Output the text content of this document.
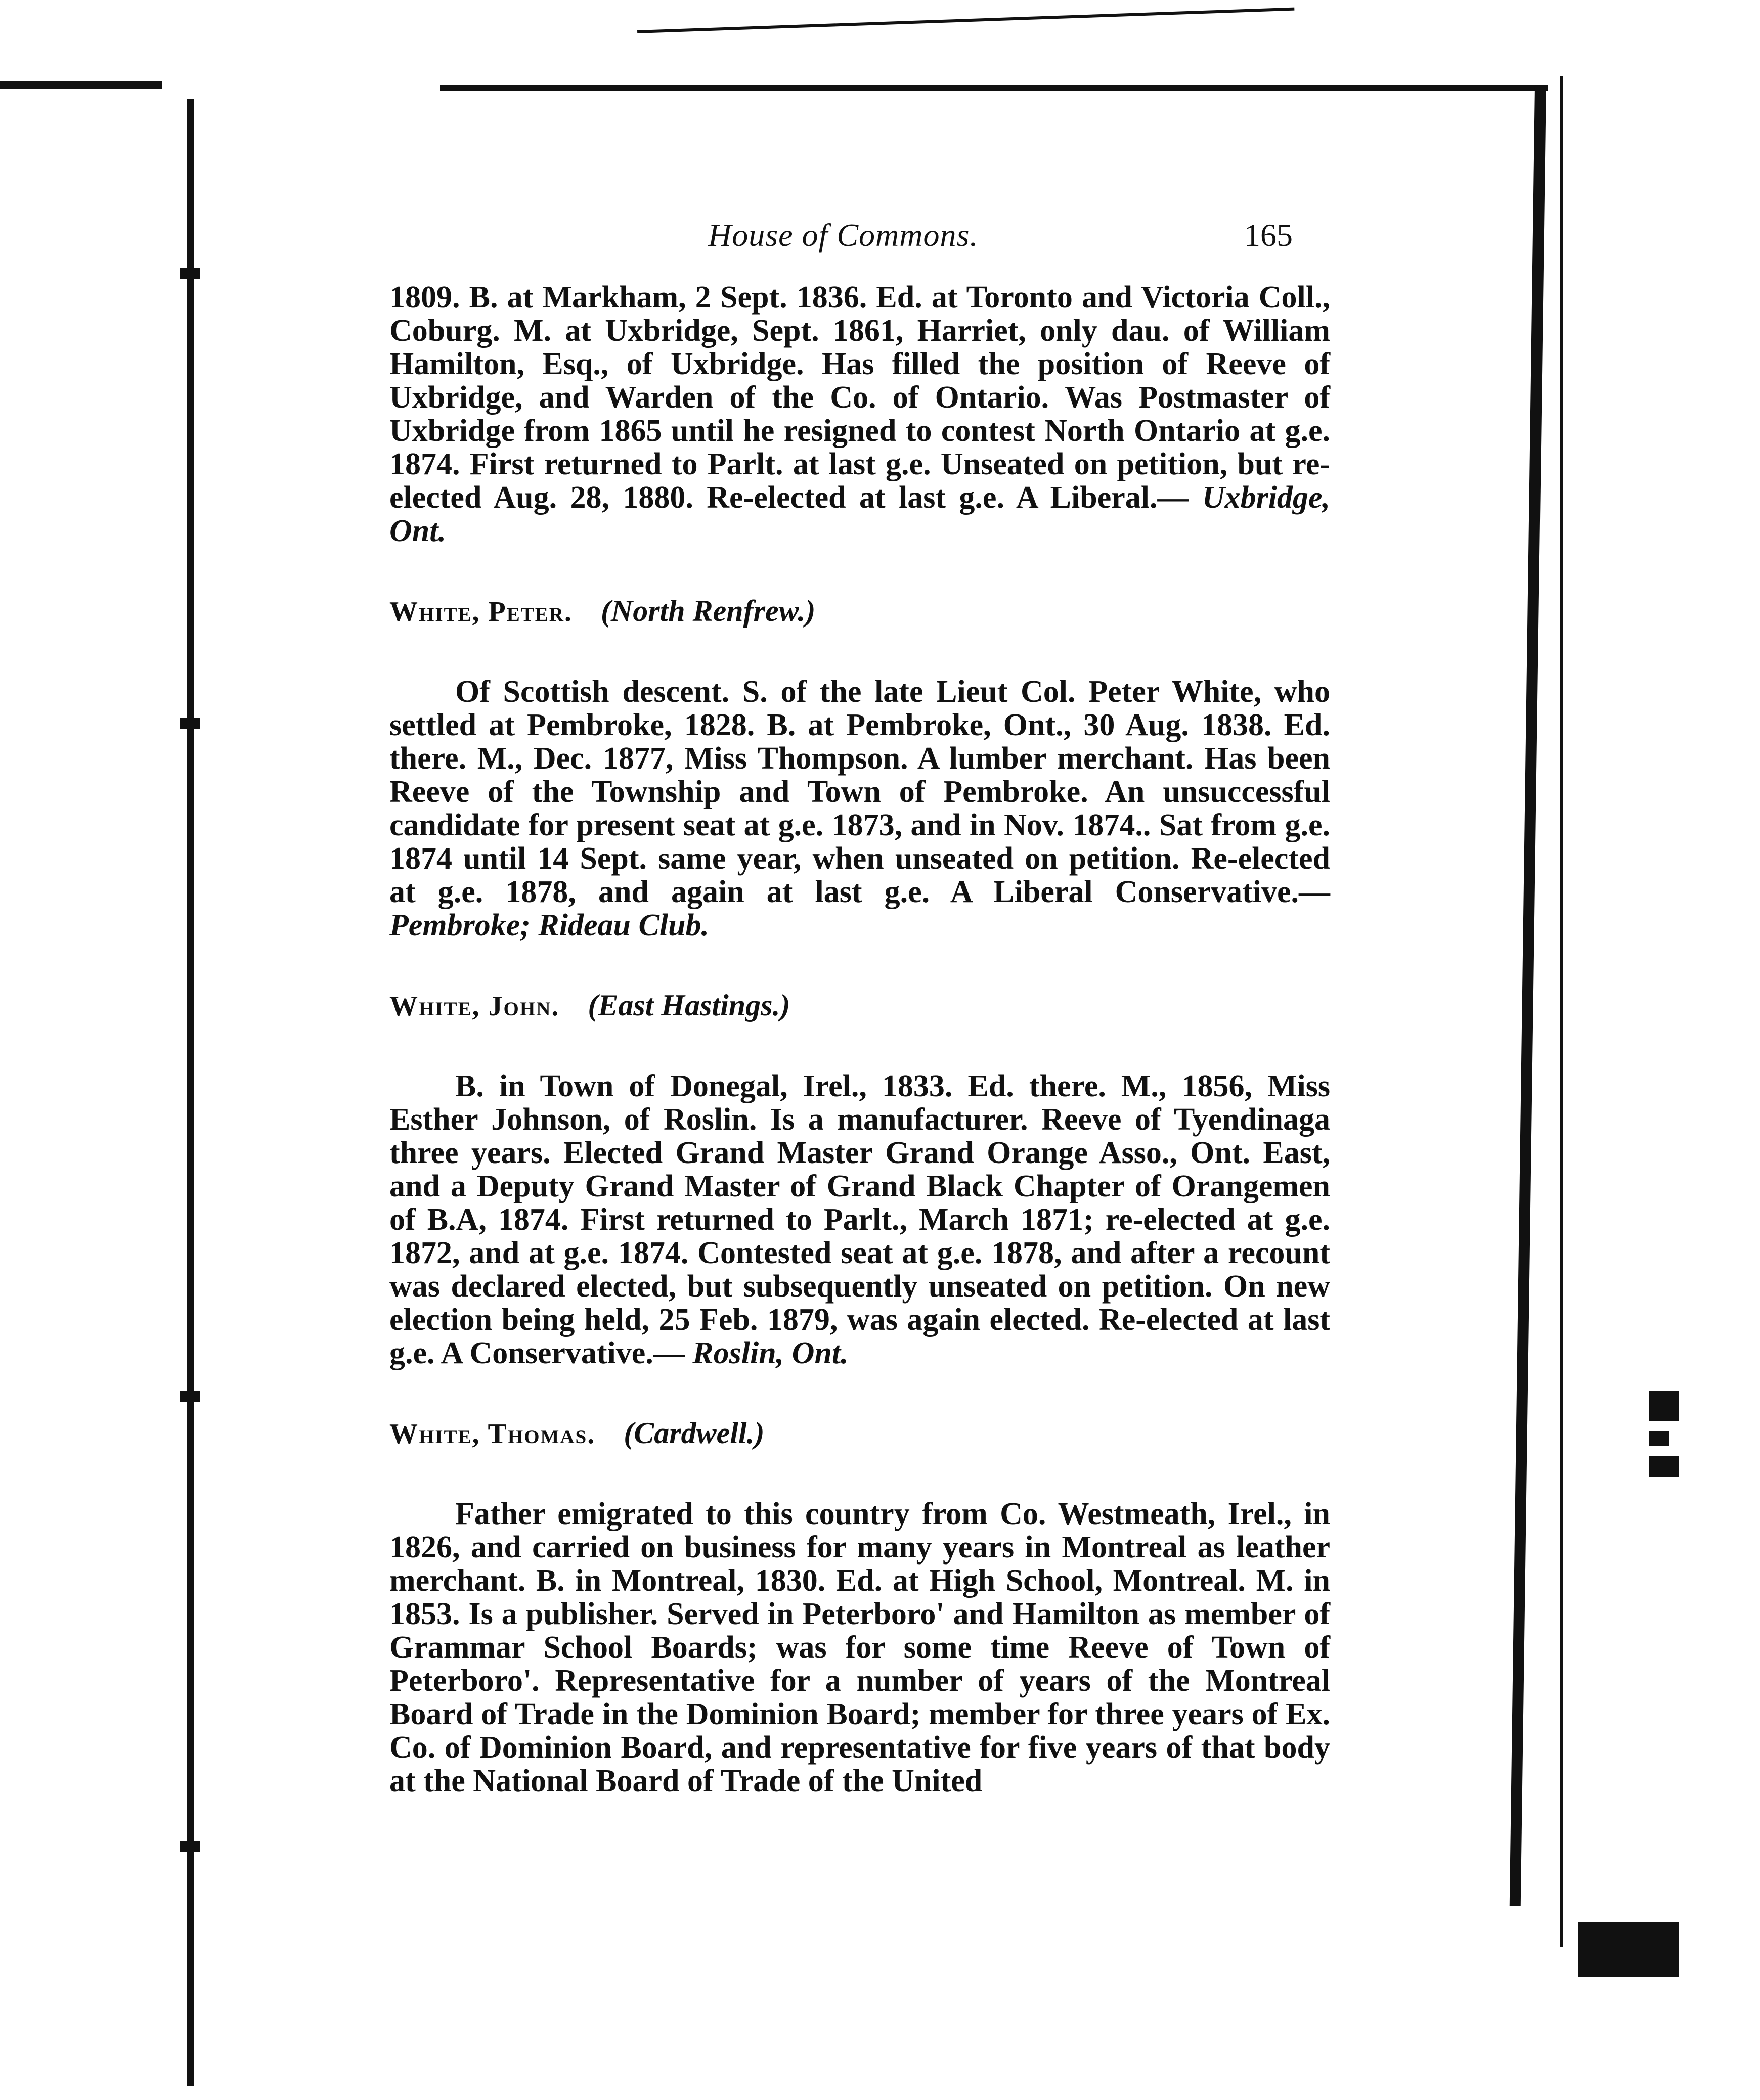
House of Commons.	165

1809. B. at Markham, 2 Sept. 1836. Ed. at Toronto and Victoria Coll., Coburg. M. at Uxbridge, Sept. 1861, Harriet, only dau. of William Hamilton, Esq., of Uxbridge. Has filled the position of Reeve of Uxbridge, and Warden of the Co. of Ontario. Was Postmaster of Uxbridge from 1865 until he resigned to contest North Ontario at g.e. 1874. First returned to Parlt. at last g.e. Unseated on petition, but re-elected Aug. 28, 1880. Re-elected at last g.e. A Liberal.— Uxbridge, Ont.

White, Peter. (North Renfrew.)

Of Scottish descent. S. of the late Lieut Col. Peter White, who settled at Pembroke, 1828. B. at Pembroke, Ont., 30 Aug. 1838. Ed. there. M., Dec. 1877, Miss Thompson. A lumber merchant. Has been Reeve of the Township and Town of Pembroke. An unsuccessful candidate for present seat at g.e. 1873, and in Nov. 1874.. Sat from g.e. 1874 until 14 Sept. same year, when unseated on petition. Re-elected at g.e. 1878, and again at last g.e. A Liberal Conservative.— Pembroke; Rideau Club.

White, John. (East Hastings.)

B. in Town of Donegal, Irel., 1833. Ed. there. M., 1856, Miss Esther Johnson, of Roslin. Is a manufacturer. Reeve of Tyendinaga three years. Elected Grand Master Grand Orange Asso., Ont. East, and a Deputy Grand Master of Grand Black Chapter of Orangemen of B.A, 1874. First returned to Parlt., March 1871; re-elected at g.e. 1872, and at g.e. 1874. Contested seat at g.e. 1878, and after a recount was declared elected, but subsequently unseated on petition. On new election being held, 25 Feb. 1879, was again elected. Re-elected at last g.e. A Conservative.— Roslin, Ont.

White, Thomas. (Cardwell.)

Father emigrated to this country from Co. Westmeath, Irel., in 1826, and carried on business for many years in Montreal as leather merchant. B. in Montreal, 1830. Ed. at High School, Montreal. M. in 1853. Is a publisher. Served in Peterboro' and Hamilton as member of Grammar School Boards; was for some time Reeve of Town of Peterboro'. Representative for a number of years of the Montreal Board of Trade in the Dominion Board; member for three years of Ex. Co. of Dominion Board, and representative for five years of that body at the National Board of Trade of the United
